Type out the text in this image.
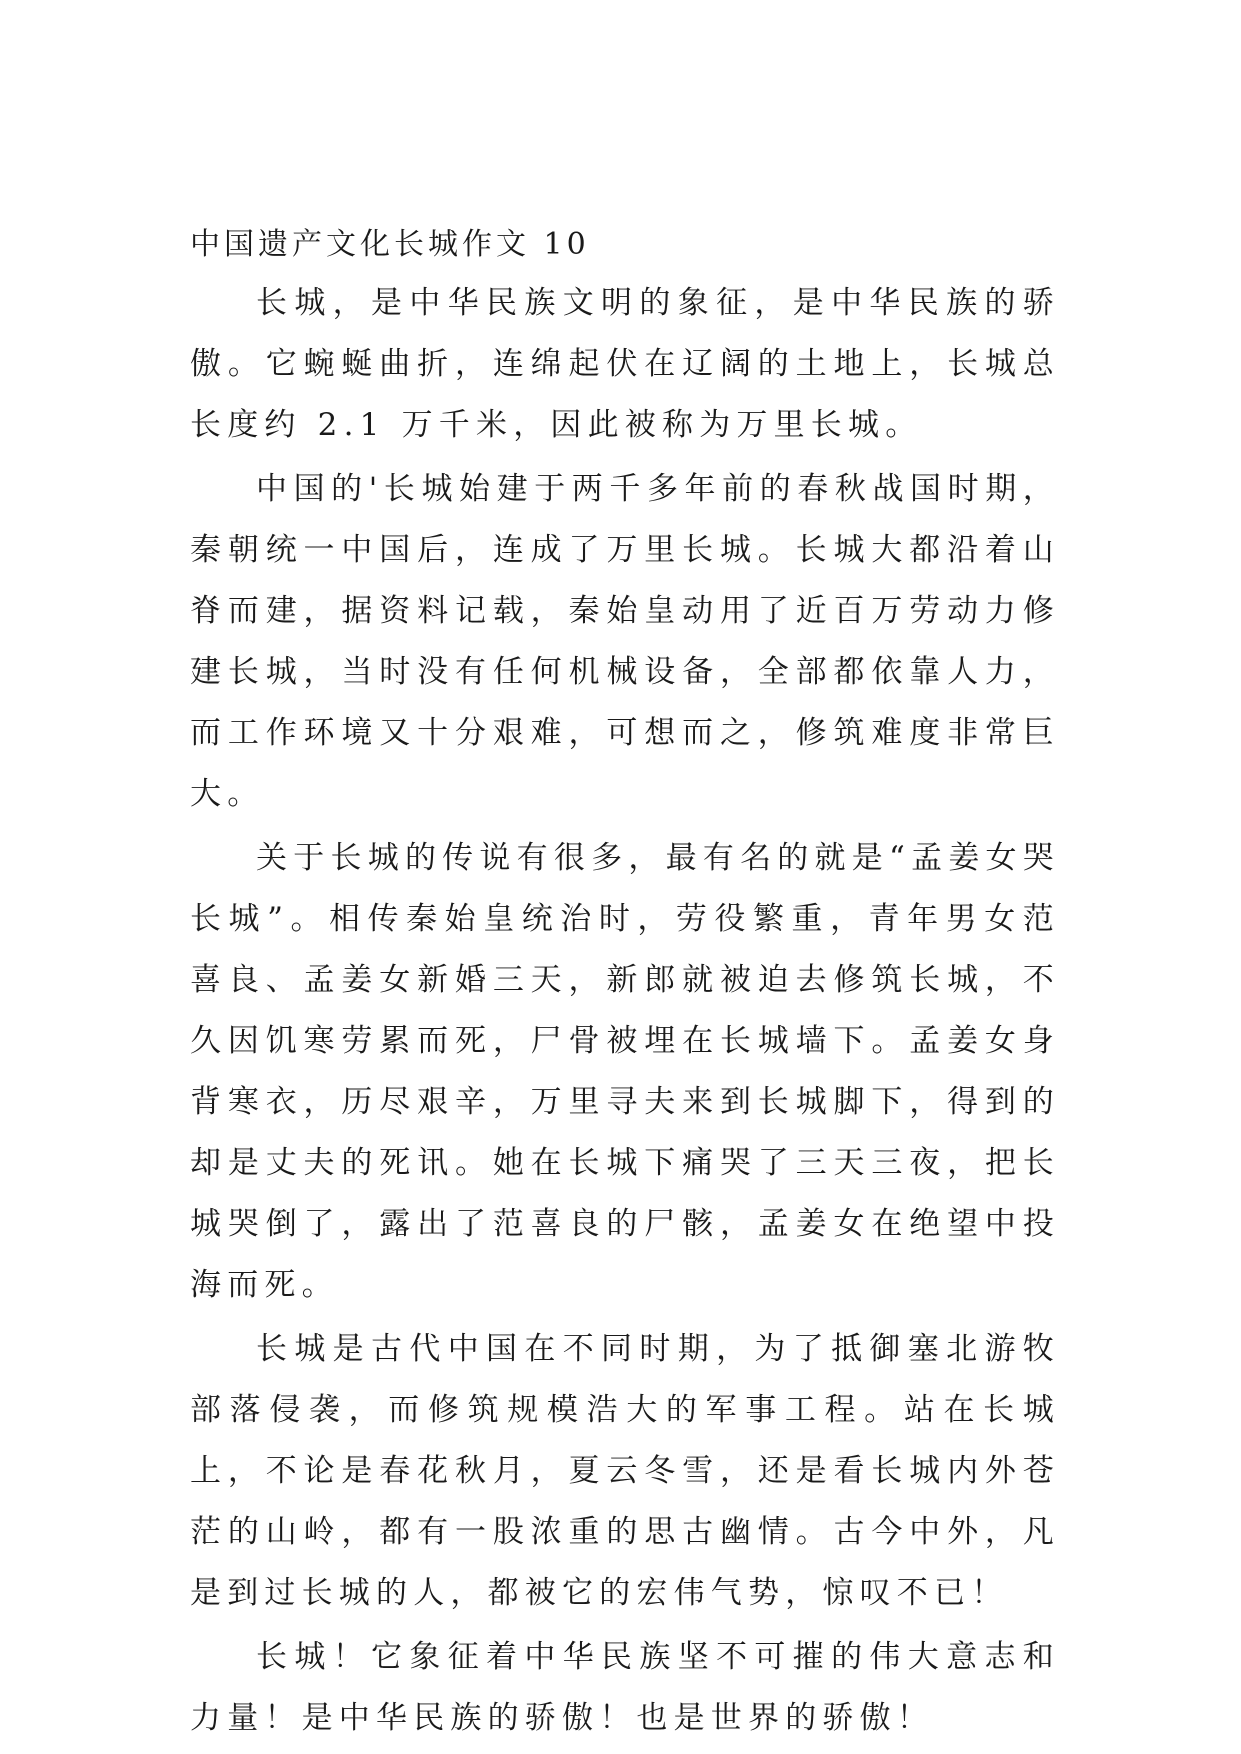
中国遗产文化长城作文 10

长城，是中华民族文明的象征，是中华民族的骄傲。它蜿蜒曲折，连绵起伏在辽阔的土地上，长城总长度约 2.1 万千米，因此被称为万里长城。

中国的'长城始建于两千多年前的春秋战国时期，秦朝统一中国后，连成了万里长城。长城大都沿着山脊而建，据资料记载，秦始皇动用了近百万劳动力修建长城，当时没有任何机械设备，全部都依靠人力，而工作环境又十分艰难，可想而之，修筑难度非常巨大。

关于长城的传说有很多，最有名的就是“孟姜女哭长城”。相传秦始皇统治时，劳役繁重，青年男女范喜良、孟姜女新婚三天，新郎就被迫去修筑长城，不久因饥寒劳累而死，尸骨被埋在长城墙下。孟姜女身背寒衣，历尽艰辛，万里寻夫来到长城脚下，得到的却是丈夫的死讯。她在长城下痛哭了三天三夜，把长城哭倒了，露出了范喜良的尸骸，孟姜女在绝望中投海而死。

长城是古代中国在不同时期，为了抵御塞北游牧部落侵袭，而修筑规模浩大的军事工程。站在长城上，不论是春花秋月，夏云冬雪，还是看长城内外苍茫的山岭，都有一股浓重的思古幽情。古今中外，凡是到过长城的人，都被它的宏伟气势，惊叹不已！

长城！它象征着中华民族坚不可摧的伟大意志和力量！是中华民族的骄傲！也是世界的骄傲！
